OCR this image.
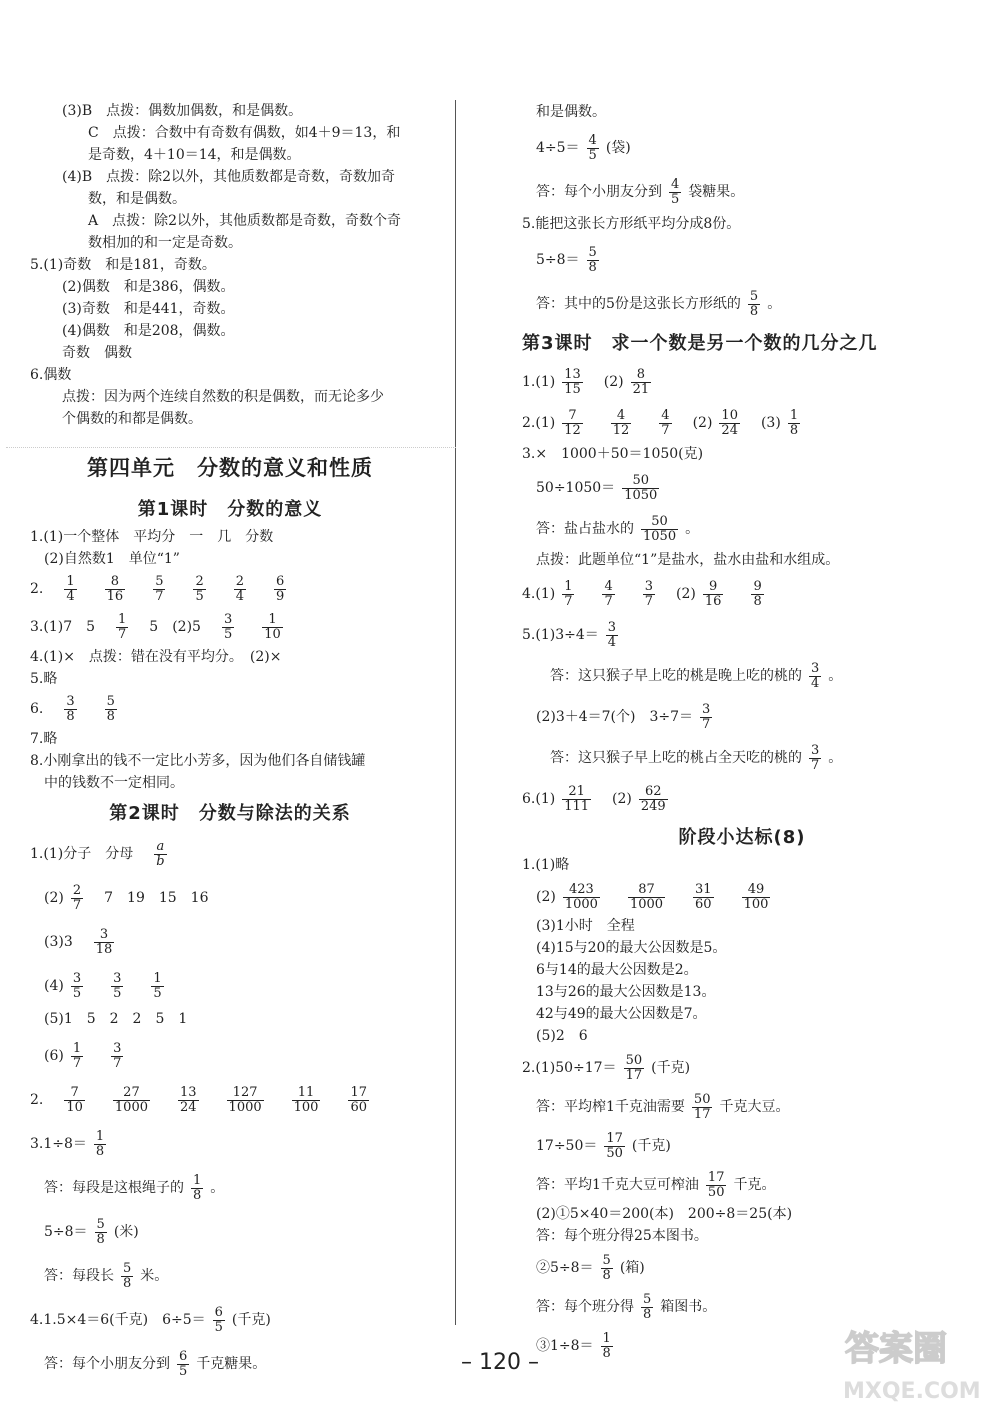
(3)B　点拨：偶数加偶数，和是偶数。
C　点拨：合数中有奇数有偶数，如4＋9＝13，和
是奇数，4＋10＝14，和是偶数。
(4)B　点拨：除2以外，其他质数都是奇数，奇数加奇
数，和是偶数。
A　点拨：除2以外，其他质数都是奇数，奇数个奇
数相加的和一定是奇数。
5.(1)奇数　和是181，奇数。
(2)偶数　和是386，偶数。
(3)奇数　和是441，奇数。
(4)偶数　和是208，偶数。
奇数　偶数
6.偶数
点拨：因为两个连续自然数的积是偶数，而无论多少
个偶数的和都是偶数。
第四单元　分数的意义和性质
第1课时　分数的意义
1.(1)一个整体　平均分　一　几　分数
　(2)自然数1　单位“1”
2.　 $\frac{1}{4}$
　 $\frac{8}{16}$
　 $\frac{5}{7}$
　 $\frac{2}{5}$
　 $\frac{2}{4}$
　 $\frac{6}{9}$
3.(1)7　5　 $\frac{1}{7}$ 　5　(2)5　 $\frac{3}{5}$
　 $\frac{1}{10}$
4.(1)×　点拨：错在没有平均分。　(2)×
5.略
6.　 $\frac{3}{8}$
　 $\frac{5}{8}$
7.略
8.小刚拿出的钱不一定比小芳多，因为他们各自储钱罐
　中的钱数不一定相同。
第2课时　分数与除法的关系
1.(1)分子　分母　 $\frac{a}{b}$
　$(2) \frac{2}{7}$ 　7　19　15　16
　(3)3　 $\frac{3}{18}$
　$(4) \frac{3}{5}$
　 $\frac{3}{5}$
　 $\frac{1}{5}$
　(5)1　5　2　2　5　1
　$(6) \frac{1}{7}$
　 $\frac{3}{7}$
2.　 $\frac{7}{10}$
　 $\frac{27}{1000}$
　 $\frac{13}{24}$
　 $\frac{127}{1000}$
　 $\frac{11}{100}$
　 $\frac{17}{60}$
$3.1\div 8= \frac{1}{8}$
　答：每段是这根绳子的 $\frac{1}{8}$ 。
　$5\div 8= \frac{5}{8}$ (米)
　答：每段长 $\frac{5}{8}$ 米。
4.1.5×4＝6(千克)　$6\div 5= \frac{6}{5}$ (千克)
　答：每个小朋友分到 $\frac{6}{5}$ 千克糖果。
　和是偶数。
　$4\div 5= \frac{4}{5}$ (袋)
　答：每个小朋友分到 $\frac{4}{5}$ 袋糖果。
5.能把这张长方形纸平均分成8份。
　$5\div 8= \frac{5}{8}$
　答：其中的5份是这张长方形纸的 $\frac{5}{8}$ 。
第3课时　求一个数是另一个数的几分之几
$1.(1) \frac{13}{15}$ 　$(2) \frac{8}{21}$
$2.(1) \frac{7}{12}$
　 $\frac{4}{12}$
　 $\frac{4}{7}$ 　$(2) \frac{10}{24}$ 　$(3) \frac{1}{8}$
3.×　1000＋50＝1050(克)
　$50\div 1050= \frac{50}{1050}$
　答：盐占盐水的 $\frac{50}{1050}$ 。
　点拨：此题单位“1”是盐水，盐水由盐和水组成。
$4.(1) \frac{1}{7}$
　 $\frac{4}{7}$
　 $\frac{3}{7}$ 　$(2) \frac{9}{16}$
　 $\frac{9}{8}$
$5.(1)3\div 4= \frac{3}{4}$
　　答：这只猴子早上吃的桃是晚上吃的桃的 $\frac{3}{4}$ 。
　(2)3＋4＝7(个)　$3\div 7= \frac{3}{7}$
　　答：这只猴子早上吃的桃占全天吃的桃的 $\frac{3}{7}$ 。
$6.(1) \frac{21}{111}$ 　$(2) \frac{62}{249}$
阶段小达标(8)
1.(1)略
　$(2) \frac{423}{1000}$
　 $\frac{87}{1000}$
　 $\frac{31}{60}$
　 $\frac{49}{100}$
　(3)1小时　全程
　(4)15与20的最大公因数是5。
　6与14的最大公因数是2。
　13与26的最大公因数是13。
　42与49的最大公因数是7。
　(5)2　6
$2.(1)50\div 17= \frac{50}{17}$ (千克)
　答：平均榨1千克油需要 $\frac{50}{17}$ 千克大豆。
　$17\div 50= \frac{17}{50}$ (千克)
　答：平均1千克大豆可榨油 $\frac{17}{50}$ 千克。
　(2)①5×40＝200(本)　200÷8＝25(本)
　答：每个班分得25本图书。
　②5÷8＝ $\frac{5}{8}$ (箱)
　答：每个班分得 $\frac{5}{8}$ 箱图书。
　③1÷8＝ $\frac{1}{8}$
– 120 –	答案圈
MXQE.COM
